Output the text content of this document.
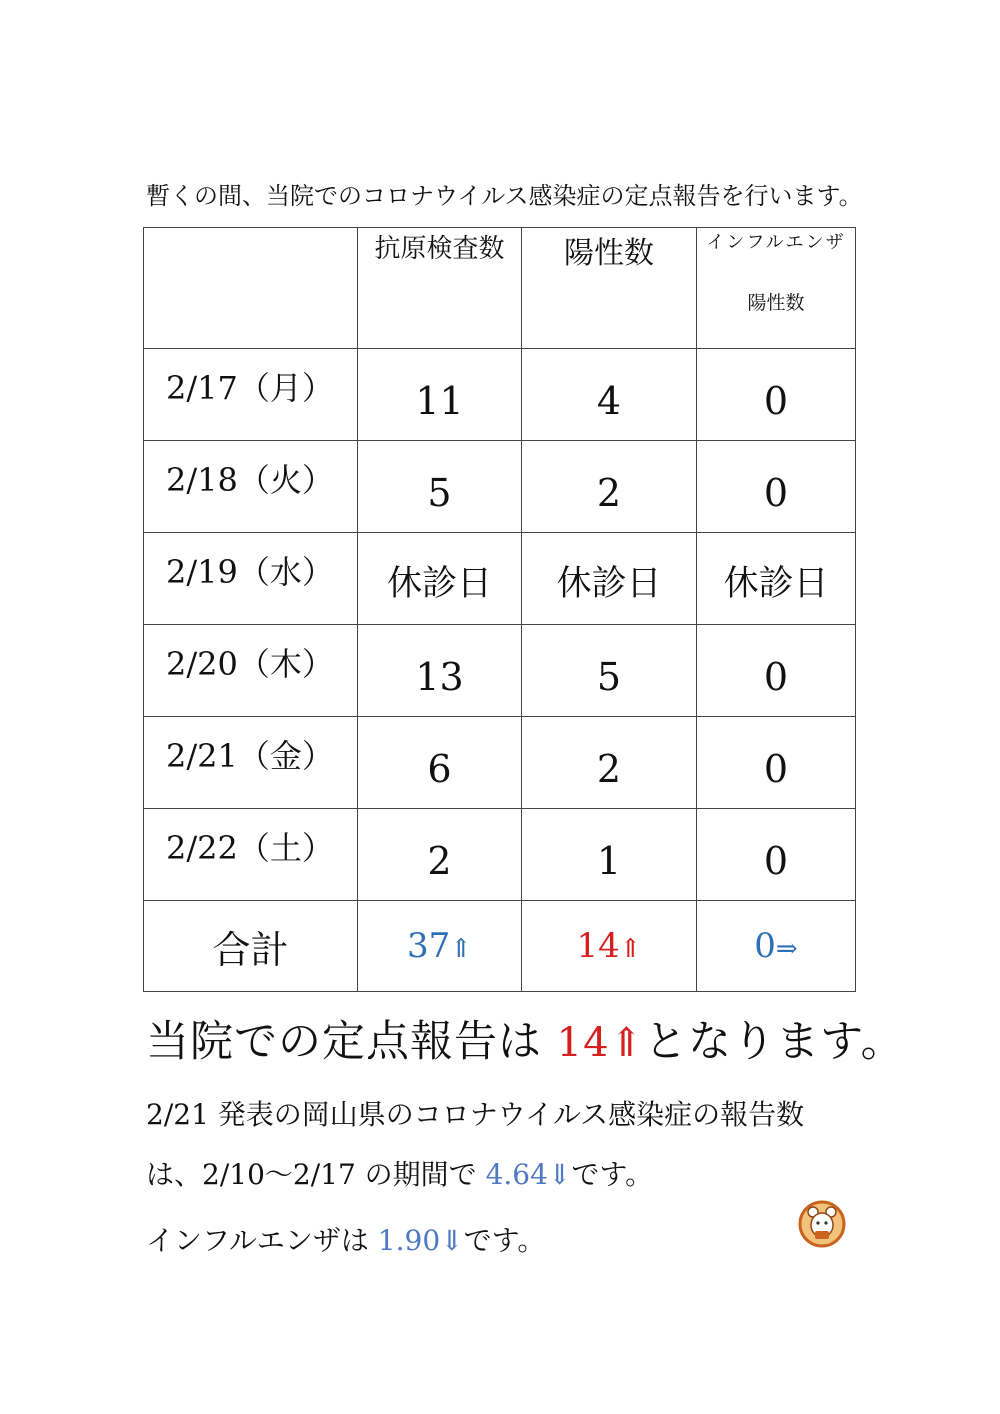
暫くの間、当院でのコロナウイルス感染症の定点報告を行います。
	抗原検査数	陽性数	インフルエンザ
陽性数

2/17（月）	11	4	0
2/18（火）	5	2	0
2/19（水）	休診日	休診日	休診日
2/20（木）	13	5	0
2/21（金）	6	2	0
2/22（土）	2	1	0
合計	37⇑	14⇑	0⇒
当院での定点報告は 14⇑となります。
2/21 発表の岡山県のコロナウイルス感染症の報告数
は、2/10～2/17 の期間で 4.64⇓です。
インフルエンザは 1.90⇓です。
